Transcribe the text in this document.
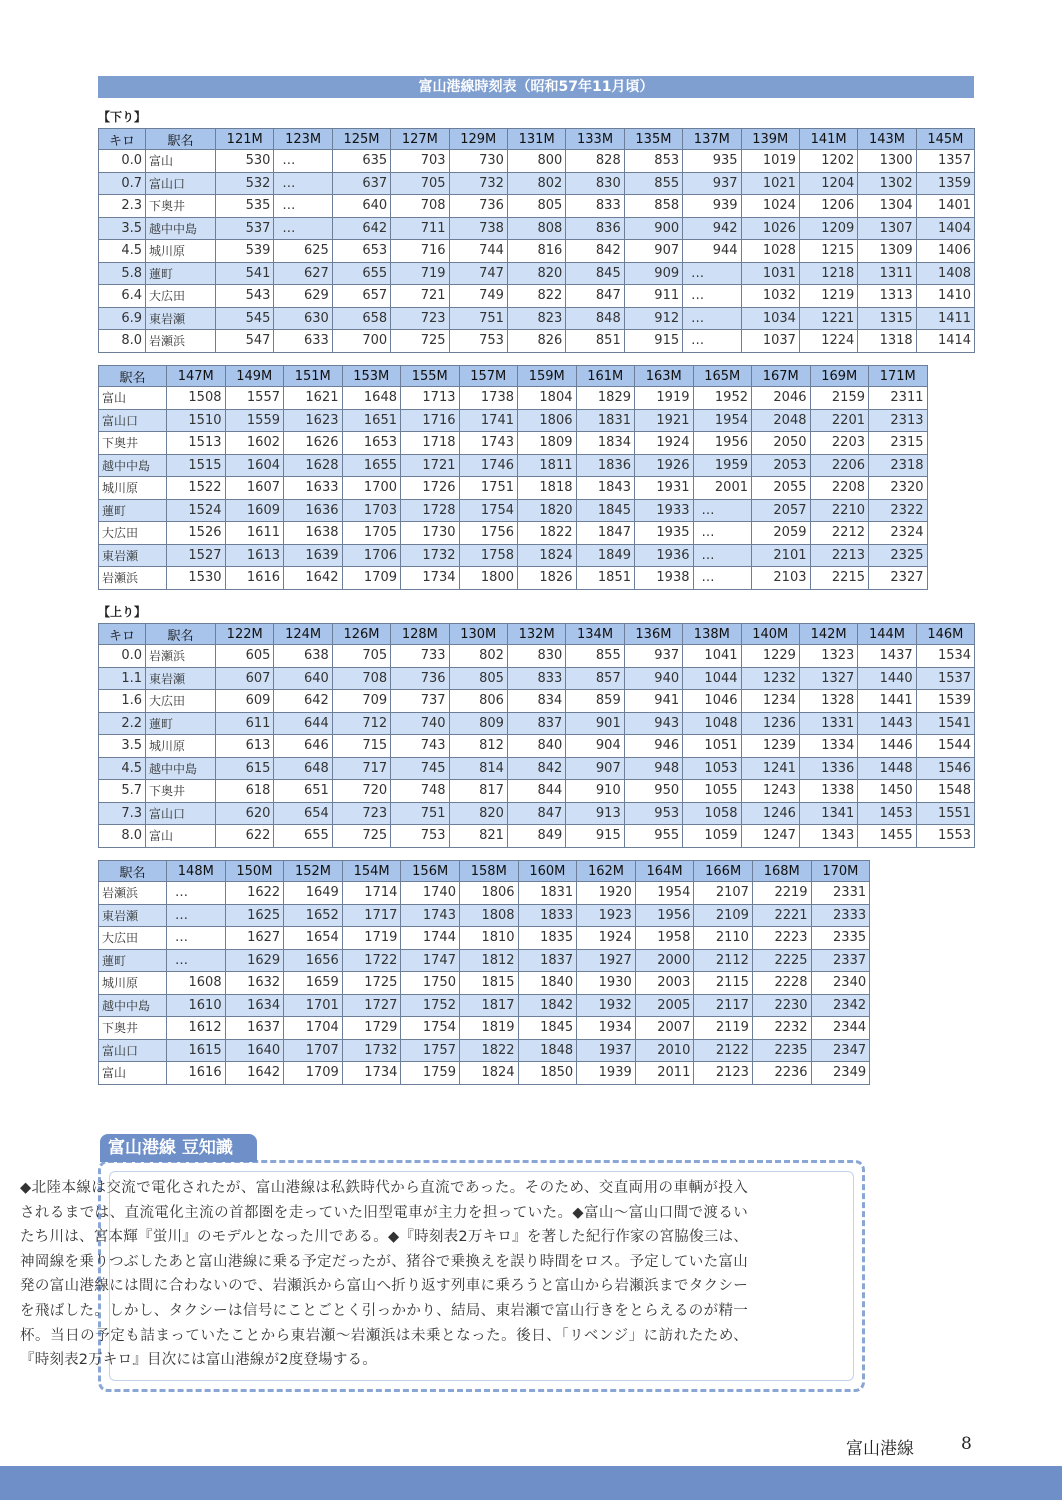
富山港線時刻表（昭和57年11月頃）
【下り】
キロ	駅名	121M	123M	125M	127M	129M	131M	133M	135M	137M	139M	141M	143M	145M
0.0	富山	530	…	635	703	730	800	828	853	935	1019	1202	1300	1357
0.7	富山口	532	…	637	705	732	802	830	855	937	1021	1204	1302	1359
2.3	下奥井	535	…	640	708	736	805	833	858	939	1024	1206	1304	1401
3.5	越中中島	537	…	642	711	738	808	836	900	942	1026	1209	1307	1404
4.5	城川原	539	625	653	716	744	816	842	907	944	1028	1215	1309	1406
5.8	蓮町	541	627	655	719	747	820	845	909	…	1031	1218	1311	1408
6.4	大広田	543	629	657	721	749	822	847	911	…	1032	1219	1313	1410
6.9	東岩瀬	545	630	658	723	751	823	848	912	…	1034	1221	1315	1411
8.0	岩瀬浜	547	633	700	725	753	826	851	915	…	1037	1224	1318	1414
駅名	147M	149M	151M	153M	155M	157M	159M	161M	163M	165M	167M	169M	171M
富山	1508	1557	1621	1648	1713	1738	1804	1829	1919	1952	2046	2159	2311
富山口	1510	1559	1623	1651	1716	1741	1806	1831	1921	1954	2048	2201	2313
下奥井	1513	1602	1626	1653	1718	1743	1809	1834	1924	1956	2050	2203	2315
越中中島	1515	1604	1628	1655	1721	1746	1811	1836	1926	1959	2053	2206	2318
城川原	1522	1607	1633	1700	1726	1751	1818	1843	1931	2001	2055	2208	2320
蓮町	1524	1609	1636	1703	1728	1754	1820	1845	1933	…	2057	2210	2322
大広田	1526	1611	1638	1705	1730	1756	1822	1847	1935	…	2059	2212	2324
東岩瀬	1527	1613	1639	1706	1732	1758	1824	1849	1936	…	2101	2213	2325
岩瀬浜	1530	1616	1642	1709	1734	1800	1826	1851	1938	…	2103	2215	2327
【上り】
キロ	駅名	122M	124M	126M	128M	130M	132M	134M	136M	138M	140M	142M	144M	146M
0.0	岩瀬浜	605	638	705	733	802	830	855	937	1041	1229	1323	1437	1534
1.1	東岩瀬	607	640	708	736	805	833	857	940	1044	1232	1327	1440	1537
1.6	大広田	609	642	709	737	806	834	859	941	1046	1234	1328	1441	1539
2.2	蓮町	611	644	712	740	809	837	901	943	1048	1236	1331	1443	1541
3.5	城川原	613	646	715	743	812	840	904	946	1051	1239	1334	1446	1544
4.5	越中中島	615	648	717	745	814	842	907	948	1053	1241	1336	1448	1546
5.7	下奥井	618	651	720	748	817	844	910	950	1055	1243	1338	1450	1548
7.3	富山口	620	654	723	751	820	847	913	953	1058	1246	1341	1453	1551
8.0	富山	622	655	725	753	821	849	915	955	1059	1247	1343	1455	1553
駅名	148M	150M	152M	154M	156M	158M	160M	162M	164M	166M	168M	170M
岩瀬浜	…	1622	1649	1714	1740	1806	1831	1920	1954	2107	2219	2331
東岩瀬	…	1625	1652	1717	1743	1808	1833	1923	1956	2109	2221	2333
大広田	…	1627	1654	1719	1744	1810	1835	1924	1958	2110	2223	2335
蓮町	…	1629	1656	1722	1747	1812	1837	1927	2000	2112	2225	2337
城川原	1608	1632	1659	1725	1750	1815	1840	1930	2003	2115	2228	2340
越中中島	1610	1634	1701	1727	1752	1817	1842	1932	2005	2117	2230	2342
下奥井	1612	1637	1704	1729	1754	1819	1845	1934	2007	2119	2232	2344
富山口	1615	1640	1707	1732	1757	1822	1848	1937	2010	2122	2235	2347
富山	1616	1642	1709	1734	1759	1824	1850	1939	2011	2123	2236	2349
富山港線 豆知識
◆北陸本線は交流で電化されたが、富山港線は私鉄時代から直流であった。そのため、交直両用の車輌が投入されるまでは、直流電化主流の首都圏を走っていた旧型電車が主力を担っていた。◆富山～富山口間で渡るいたち川は、宮本輝『蛍川』のモデルとなった川である。◆『時刻表2万キロ』を著した紀行作家の宮脇俊三は、神岡線を乗りつぶしたあと富山港線に乗る予定だったが、猪谷で乗換えを誤り時間をロス。予定していた富山発の富山港線には間に合わないので、岩瀬浜から富山へ折り返す列車に乗ろうと富山から岩瀬浜までタクシーを飛ばした。しかし、タクシーは信号にことごとく引っかかり、結局、東岩瀬で富山行きをとらえるのが精一杯。当日の予定も詰まっていたことから東岩瀬～岩瀬浜は未乗となった。後日、「リベンジ」に訪れたため、『時刻表2万キロ』目次には富山港線が2度登場する。
富山港線	8
